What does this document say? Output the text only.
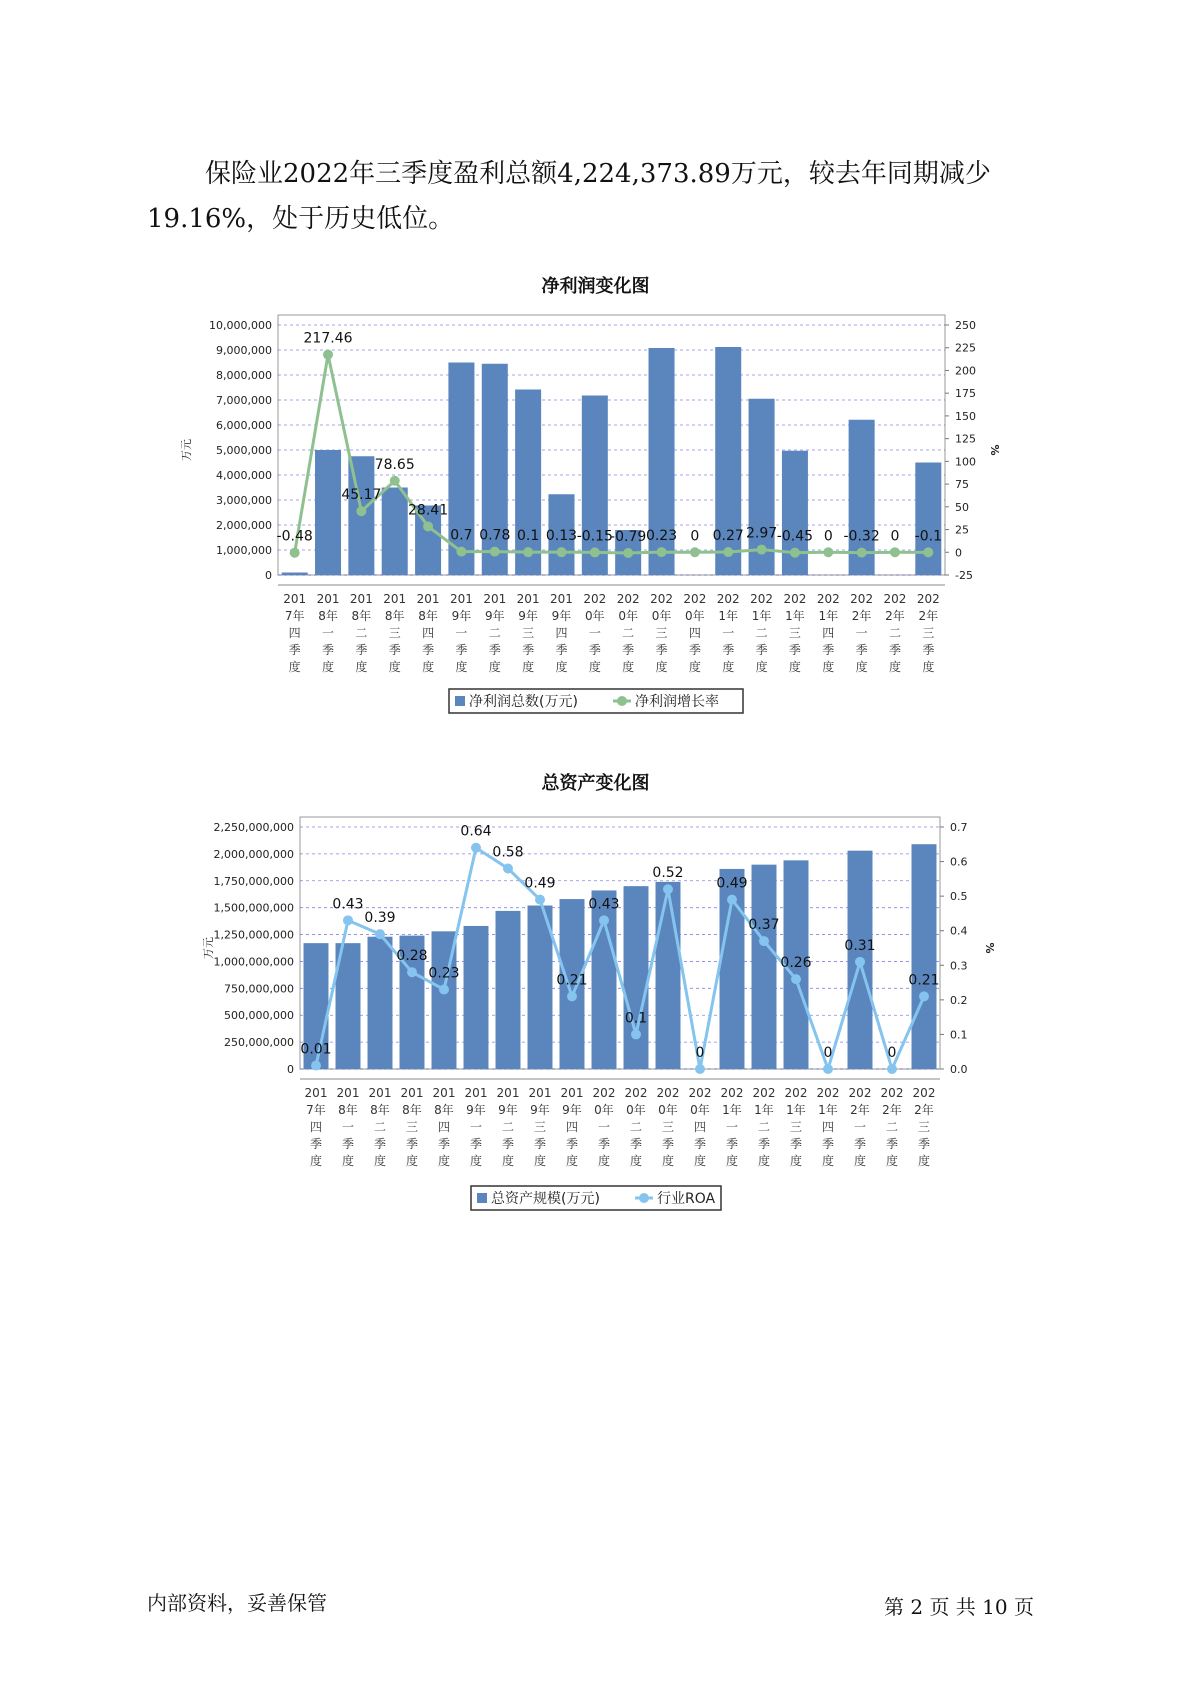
保险业2022年三季度盈利总额4,224,373.89万元，较去年同期减少
19.16%，处于历史低位。

净利润变化图
0
1,000,000
2,000,000
3,000,000
4,000,000
5,000,000
6,000,000
7,000,000
8,000,000
9,000,000
10,000,000
-25
0
25
50
75
100
125
150
175
200
225
250
万元	%
201 7年四季度
201 8年一季度
201 8年二季度
201 8年三季度
201 8年四季度
201 9年一季度
201 9年二季度
201 9年三季度
201 9年四季度
202 0年一季度
202 0年二季度
202 0年三季度
202 0年四季度
202 1年一季度
202 1年二季度
202 1年三季度
202 1年四季度
202 2年一季度
202 2年二季度
202 2年三季度
-0.48
217.46
45.17
78.65
28.41
0.7 0.78 0.1 0.13 -0.15
-0.79 0.23 0 0.27 2.97 -0.45 0 -0.32 0 -0.1
净利润总数(万元)	净利润增长率
总资产变化图
0
250,000,000
500,000,000
750,000,000
1,000,000,000
1,250,000,000
1,500,000,000
1,750,000,000
2,000,000,000
2,250,000,000
0.0
0.1
0.2
0.3
0.4
0.5
0.6
0.7
万元	%
201 7年四季度
201 8年一季度
201 8年二季度
201 8年三季度
201 8年四季度
201 9年一季度
201 9年二季度
201 9年三季度
201 9年四季度
202 0年一季度
202 0年二季度
202 0年三季度
202 0年四季度
202 1年一季度
202 1年二季度
202 1年三季度
202 1年四季度
202 2年一季度
202 2年二季度
202 2年三季度
0.01
0.43
0.39
0.28
0.23
0.64
0.58
0.49
0.21
0.43
0.1
0.52
0
0.49
0.37
0.26
0
0.31
0
0.21
总资产规模(万元)	行业ROA
内部资料，妥善保管	第 2 页 共 10 页
